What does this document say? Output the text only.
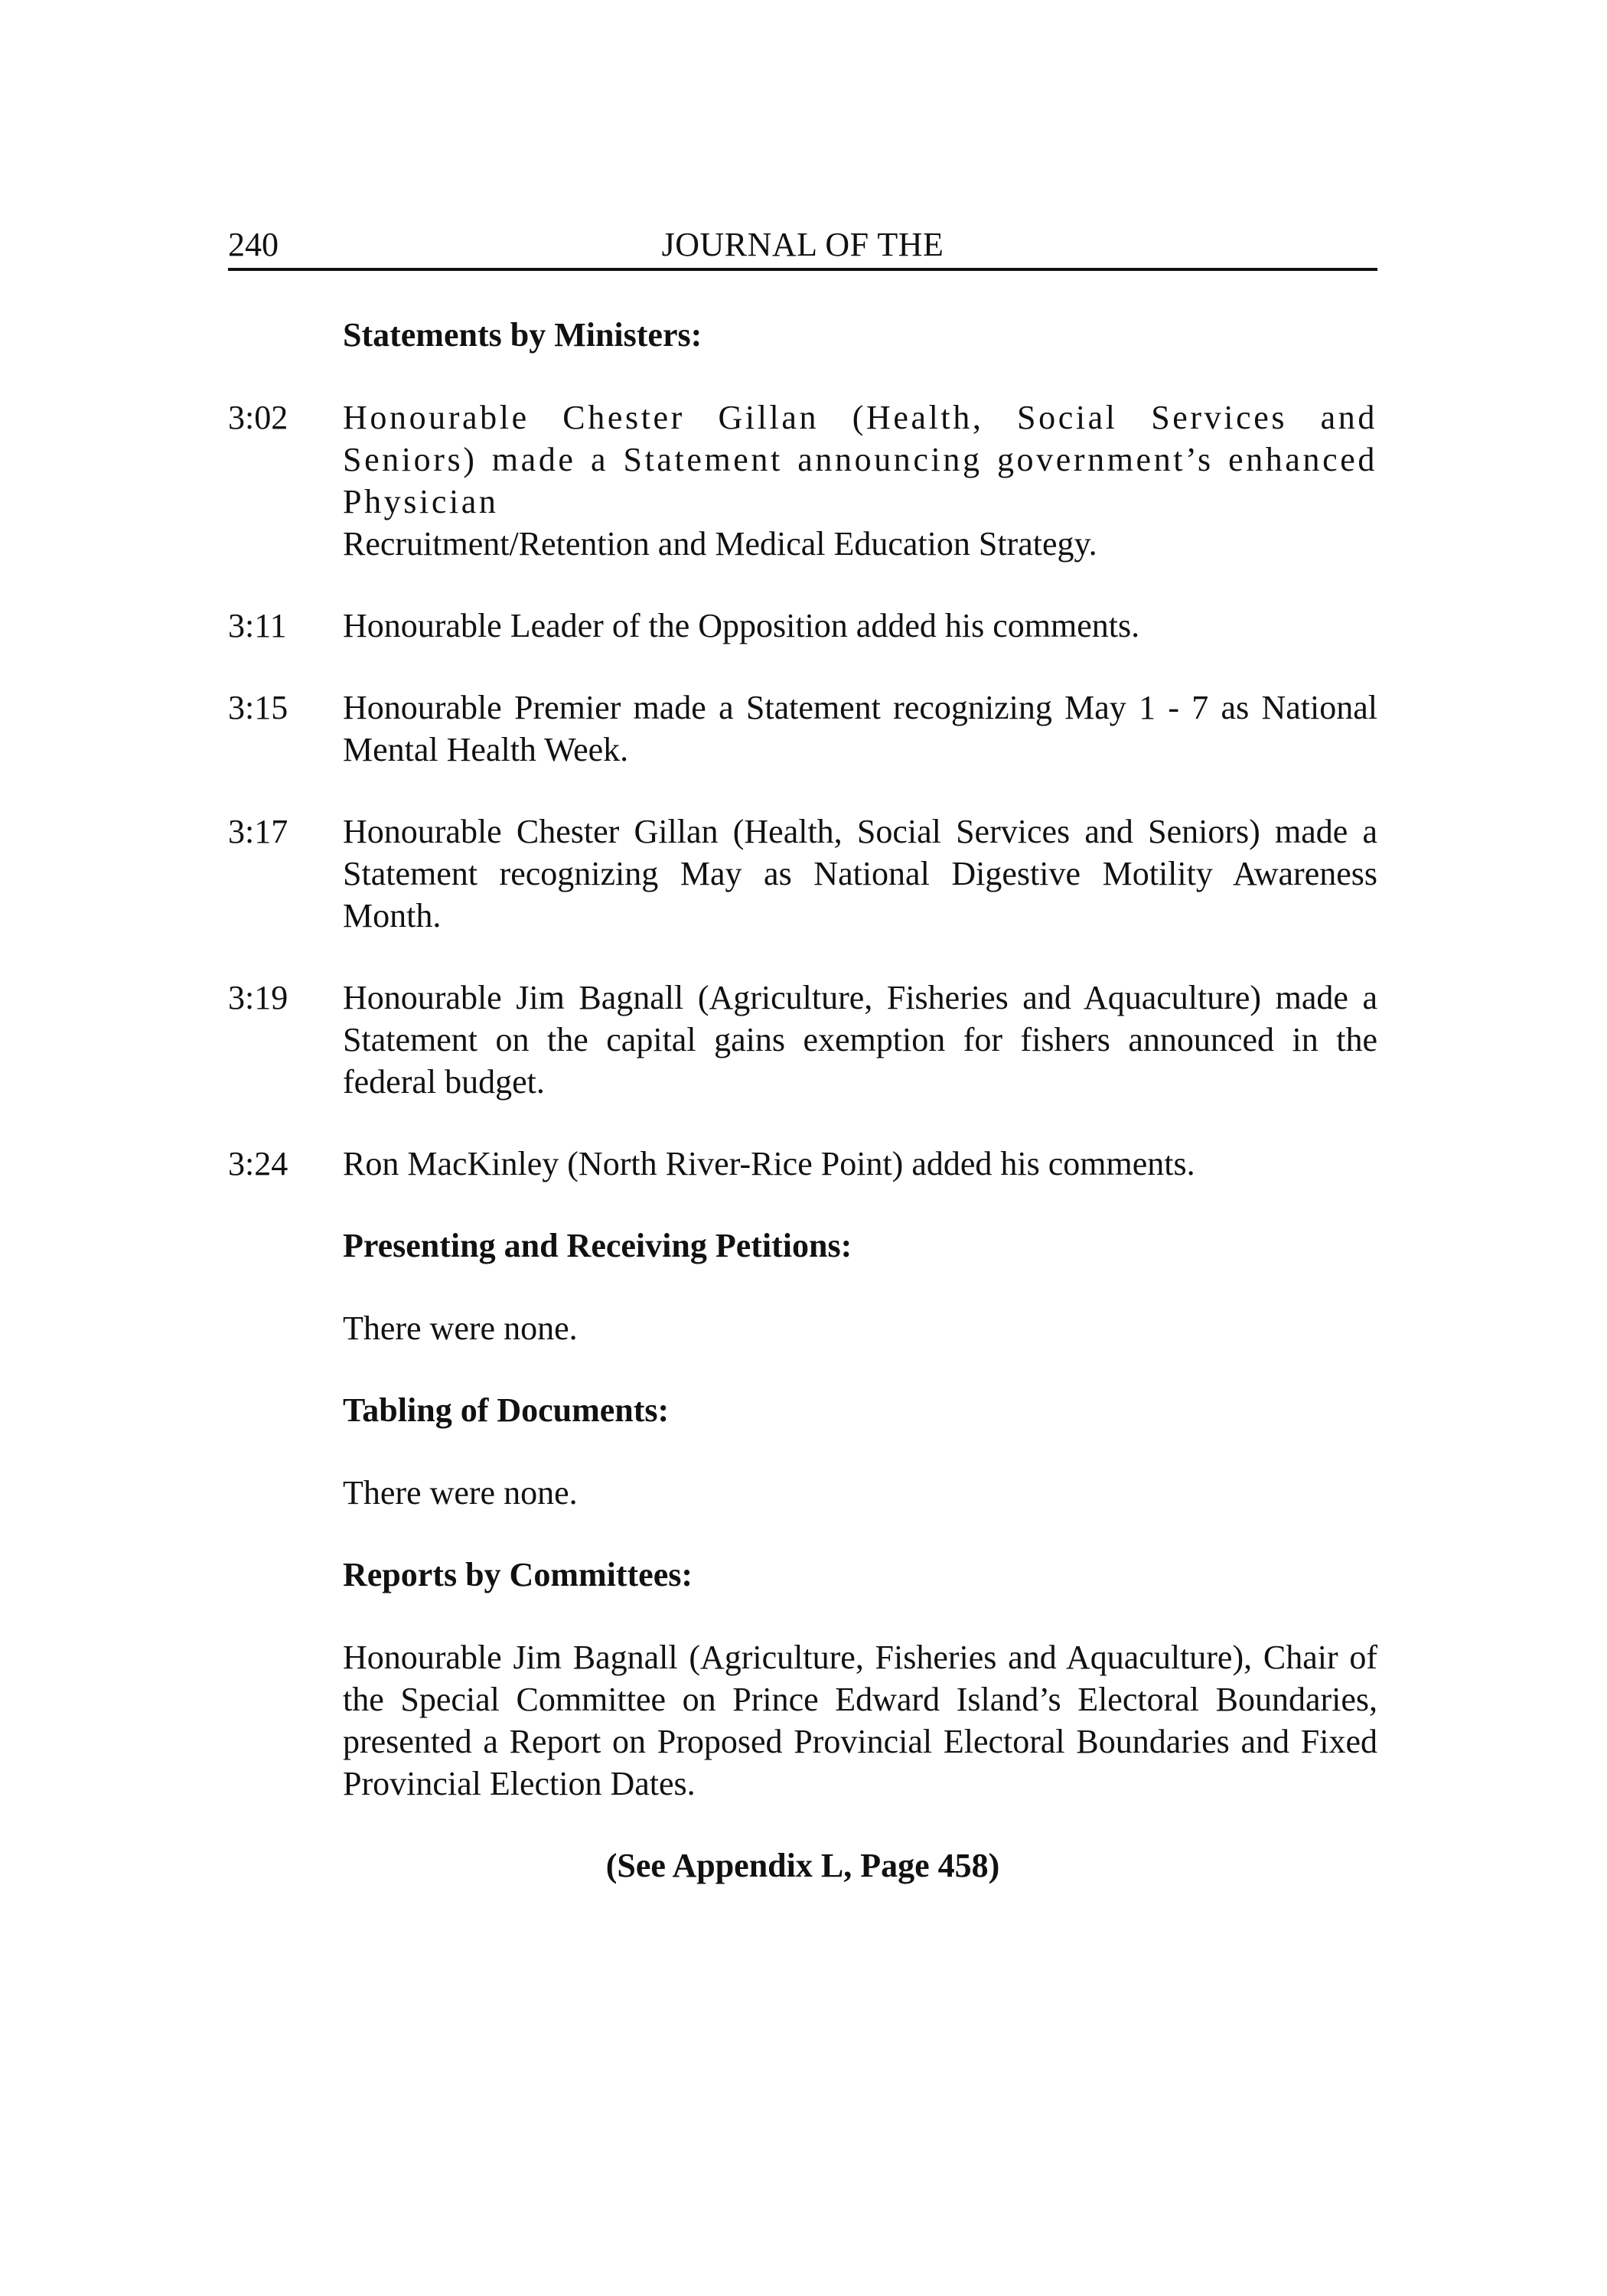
240	JOURNAL OF THE
Statements by Ministers:
3:02	Honourable Chester Gillan (Health, Social Services and Seniors) made a Statement announcing government’s enhanced Physician
Recruitment/Retention and Medical Education Strategy.
3:11	Honourable Leader of the Opposition added his comments.
3:15	Honourable Premier made a Statement recognizing May 1 - 7 as National Mental Health Week.
3:17	Honourable Chester Gillan (Health, Social Services and Seniors) made a Statement recognizing May as National Digestive Motility Awareness Month.
3:19	Honourable Jim Bagnall (Agriculture, Fisheries and Aquaculture) made a Statement on the capital gains exemption for fishers announced in the federal budget.
3:24	Ron MacKinley (North River-Rice Point) added his comments.
Presenting and Receiving Petitions:
There were none.
Tabling of Documents:
There were none.
Reports by Committees:
Honourable Jim Bagnall (Agriculture, Fisheries and Aquaculture), Chair of the Special Committee on Prince Edward Island’s Electoral Boundaries, presented a Report on Proposed Provincial Electoral Boundaries and Fixed Provincial Election Dates.
(See Appendix L, Page 458)
